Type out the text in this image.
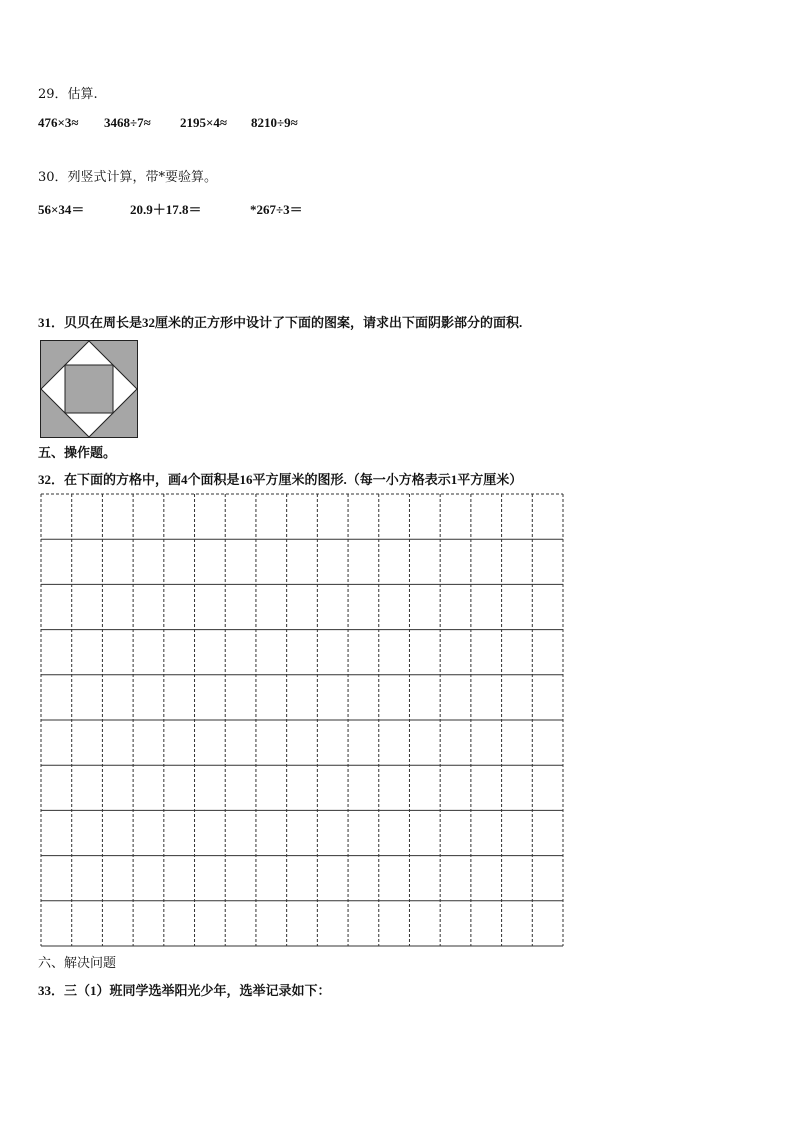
29．估算.
476×3≈ 3468÷7≈ 2195×4≈ 8210÷9≈
30．列竖式计算，带*要验算。
56×34＝	20.9＋17.8＝	*267÷3＝
31．贝贝在周长是32厘米的正方形中设计了下面的图案，请求出下面阴影部分的面积.
五、操作题。
32．在下面的方格中，画4个面积是16平方厘米的图形.（每一小方格表示1平方厘米）
六、解决问题
33．三（1）班同学选举阳光少年，选举记录如下：
